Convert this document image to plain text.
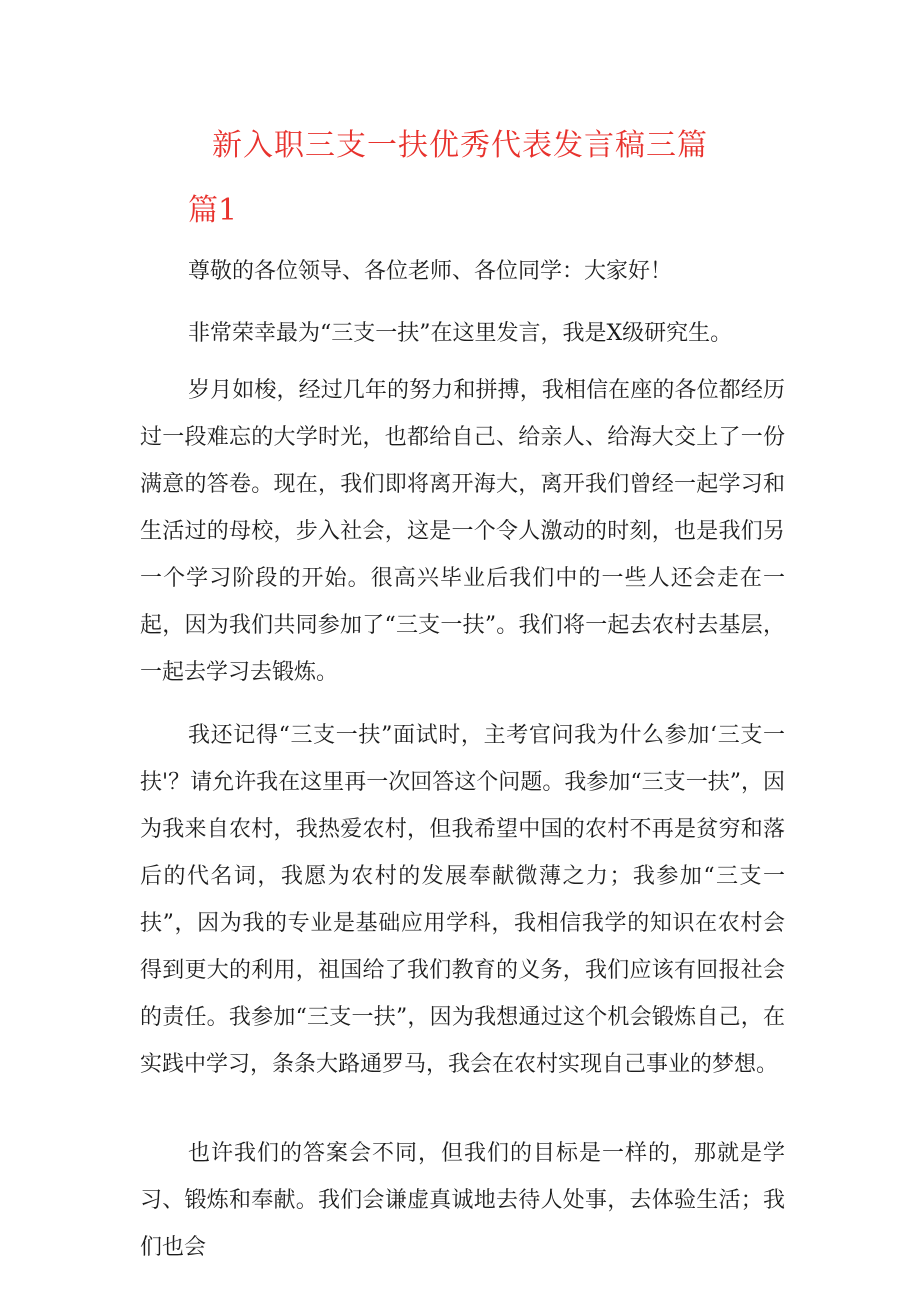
新入职三支一扶优秀代表发言稿三篇
篇1

尊敬的各位领导、各位老师、各位同学：大家好！

非常荣幸最为“三支一扶”在这里发言，我是X级研究生。

岁月如梭，经过几年的努力和拼搏，我相信在座的各位都经历过一段难忘的大学时光，也都给自己、给亲人、给海大交上了一份满意的答卷。现在，我们即将离开海大，离开我们曾经一起学习和生活过的母校，步入社会，这是一个令人激动的时刻，也是我们另一个学习阶段的开始。很高兴毕业后我们中的一些人还会走在一起，因为我们共同参加了“三支一扶”。我们将一起去农村去基层，一起去学习去锻炼。

我还记得“三支一扶”面试时，主考官问我为什么参加‘三支一扶'？请允许我在这里再一次回答这个问题。我参加“三支一扶”，因为我来自农村，我热爱农村，但我希望中国的农村不再是贫穷和落后的代名词，我愿为农村的发展奉献微薄之力；我参加“三支一扶”，因为我的专业是基础应用学科，我相信我学的知识在农村会得到更大的利用，祖国给了我们教育的义务，我们应该有回报社会的责任。我参加“三支一扶”，因为我想通过这个机会锻炼自己，在实践中学习，条条大路通罗马，我会在农村实现自己事业的梦想。

也许我们的答案会不同，但我们的目标是一样的，那就是学习、锻炼和奉献。我们会谦虚真诚地去待人处事，去体验生活；我们也会
